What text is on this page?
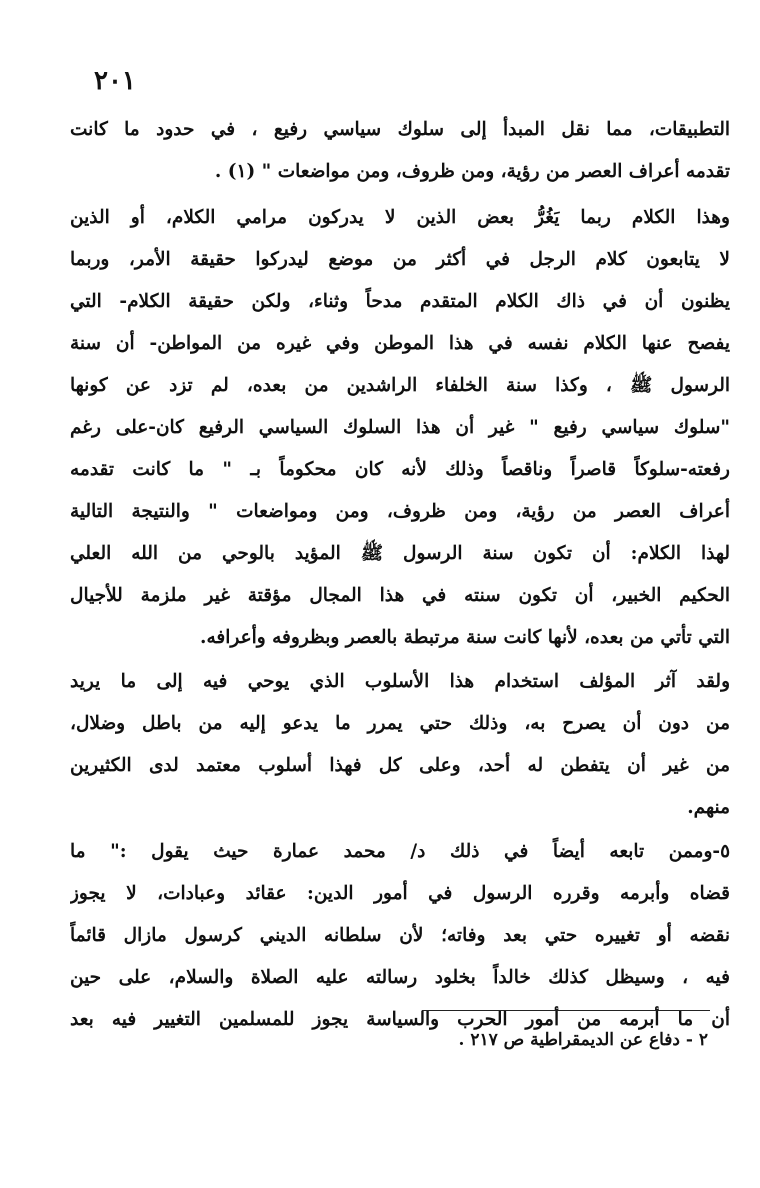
٢٠١
التطبيقات، مما نقل المبدأ إلى سلوك سياسي رفيع ، في حدود ما كانت
تقدمه أعراف العصر من رؤية، ومن ظروف، ومن مواضعات " (١) .
وهذا الكلام ربما يَغُرُّ بعض الذين لا يدركون مرامي الكلام، أو الذين
لا يتابعون كلام الرجل في أكثر من موضع ليدركوا حقيقة الأمر، وربما
يظنون أن في ذاك الكلام المتقدم مدحاً وثناء، ولكن حقيقة الكلام- التي
يفصح عنها الكلام نفسه في هذا الموطن وفي غيره من المواطن- أن سنة
الرسول ﷺ ، وكذا سنة الخلفاء الراشدين من بعده، لم تزد عن كونها
"سلوك سياسي رفيع " غير أن هذا السلوك السياسي الرفيع كان-على رغم
رفعته-سلوكاً قاصراً وناقصاً وذلك لأنه كان محكوماً بـ " ما كانت تقدمه
أعراف العصر من رؤية، ومن ظروف، ومن ومواضعات " والنتيجة التالية
لهذا الكلام: أن تكون سنة الرسول ﷺ المؤيد بالوحي من الله العلي
الحكيم الخبير، أن تكون سنته في هذا المجال مؤقتة غير ملزمة للأجيال
التي تأتي من بعده، لأنها كانت سنة مرتبطة بالعصر وبظروفه وأعرافه.
ولقد آثر المؤلف استخدام هذا الأسلوب الذي يوحي فيه إلى ما يريد
من دون أن يصرح به، وذلك حتي يمرر ما يدعو إليه من باطل وضلال،
من غير أن يتفطن له أحد، وعلى كل فهذا أسلوب معتمد لدى الكثيرين
منهم.
٥-وممن تابعه أيضاً في ذلك د/ محمد عمارة حيث يقول :" ما
قضاه وأبرمه وقرره الرسول في أمور الدين: عقائد وعبادات، لا يجوز
نقضه أو تغييره حتي بعد وفاته؛ لأن سلطانه الديني كرسول مازال قائماً
فيه ، وسيظل كذلك خالداً بخلود رسالته عليه الصلاة والسلام، على حين
أن ما أبرمه من أمور الحرب والسياسة يجوز للمسلمين التغيير فيه بعد
٢ - دفاع عن الديمقراطية ص ٢١٧ .
